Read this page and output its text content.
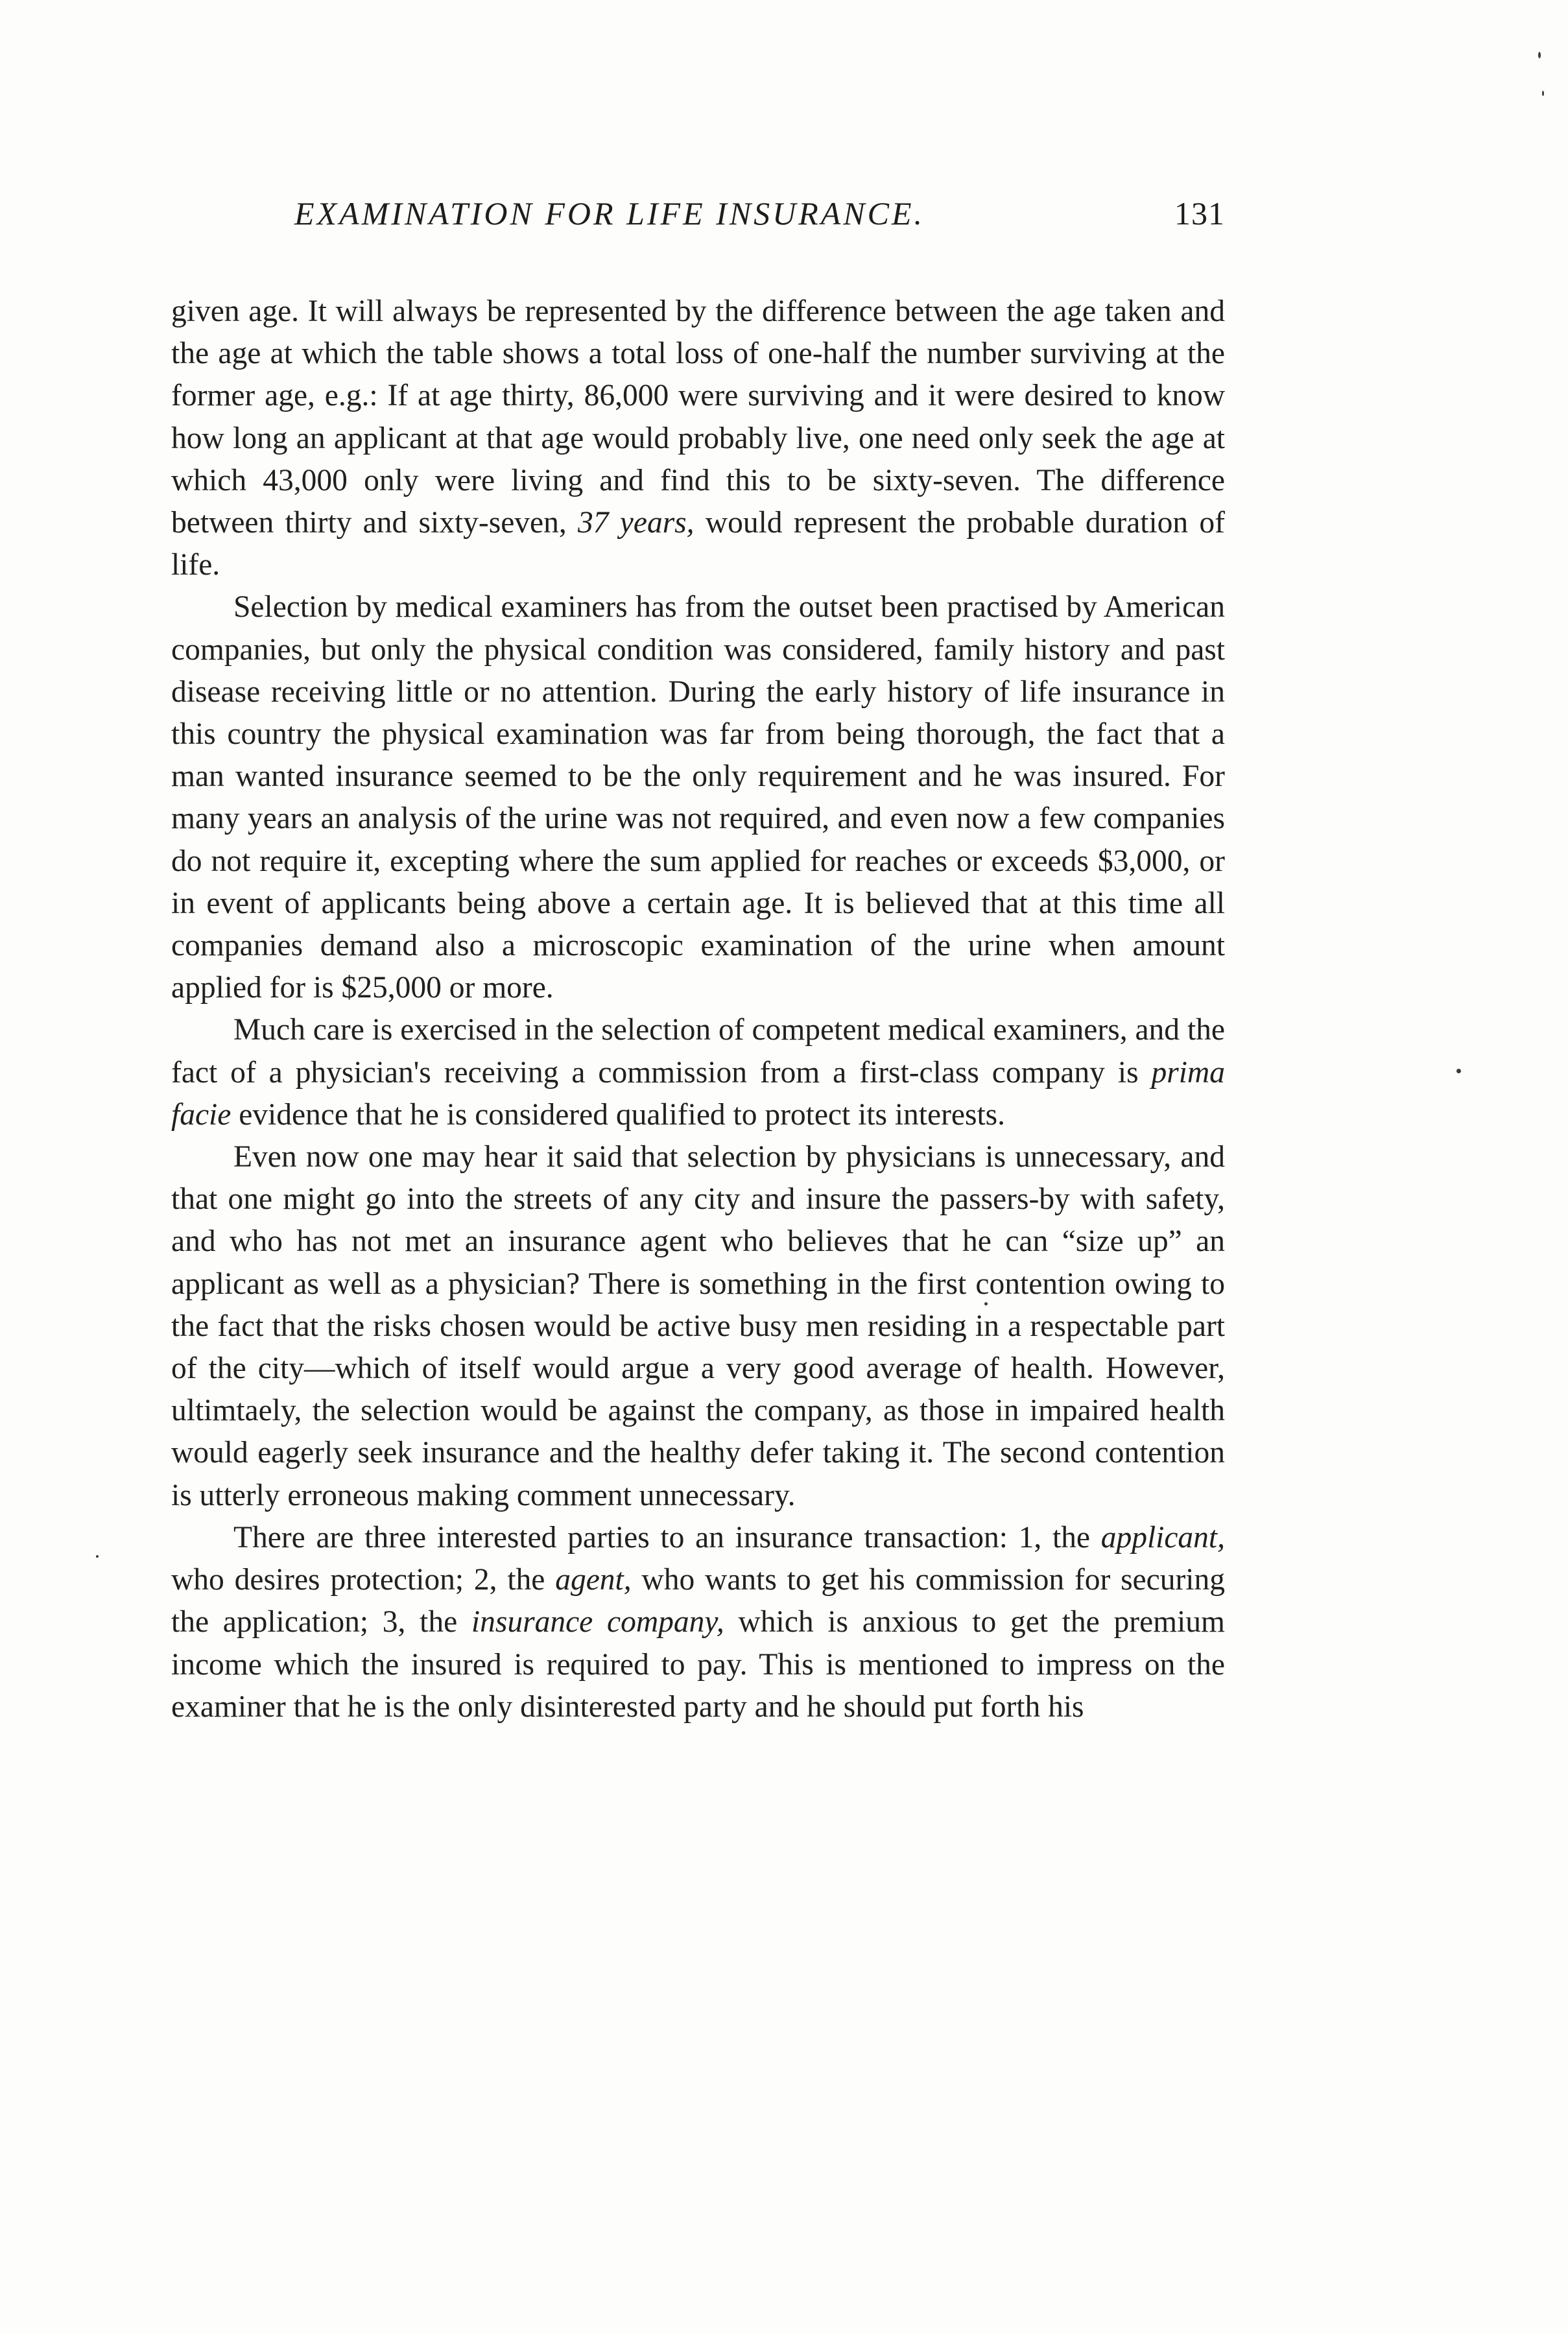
EXAMINATION FOR LIFE INSURANCE.	131

given age. It will always be represented by the difference between the age taken and the age at which the table shows a total loss of one-half the number surviving at the former age, e.g.: If at age thirty, 86,000 were surviving and it were desired to know how long an applicant at that age would probably live, one need only seek the age at which 43,000 only were living and find this to be sixty-seven. The difference between thirty and sixty-seven, 37 years, would represent the probable duration of life.

Selection by medical examiners has from the outset been practised by American companies, but only the physical condition was considered, family history and past disease receiving little or no attention. During the early history of life insurance in this country the physical examination was far from being thorough, the fact that a man wanted insurance seemed to be the only requirement and he was insured. For many years an analysis of the urine was not required, and even now a few companies do not require it, excepting where the sum applied for reaches or exceeds $3,000, or in event of applicants being above a certain age. It is believed that at this time all companies demand also a microscopic examination of the urine when amount applied for is $25,000 or more.

Much care is exercised in the selection of competent medical examiners, and the fact of a physician's receiving a commission from a first-class company is prima facie evidence that he is considered qualified to protect its interests.

Even now one may hear it said that selection by physicians is unnecessary, and that one might go into the streets of any city and insure the passers-by with safety, and who has not met an insurance agent who believes that he can “size up” an applicant as well as a physician? There is something in the first contention owing to the fact that the risks chosen would be active busy men residing in a respectable part of the city—which of itself would argue a very good average of health. However, ultimtaely, the selection would be against the company, as those in impaired health would eagerly seek insurance and the healthy defer taking it. The second contention is utterly erroneous making comment unnecessary.

There are three interested parties to an insurance transaction: 1, the applicant, who desires protection; 2, the agent, who wants to get his commission for securing the application; 3, the insurance company, which is anxious to get the premium income which the insured is required to pay. This is mentioned to impress on the examiner that he is the only disinterested party and he should put forth his
